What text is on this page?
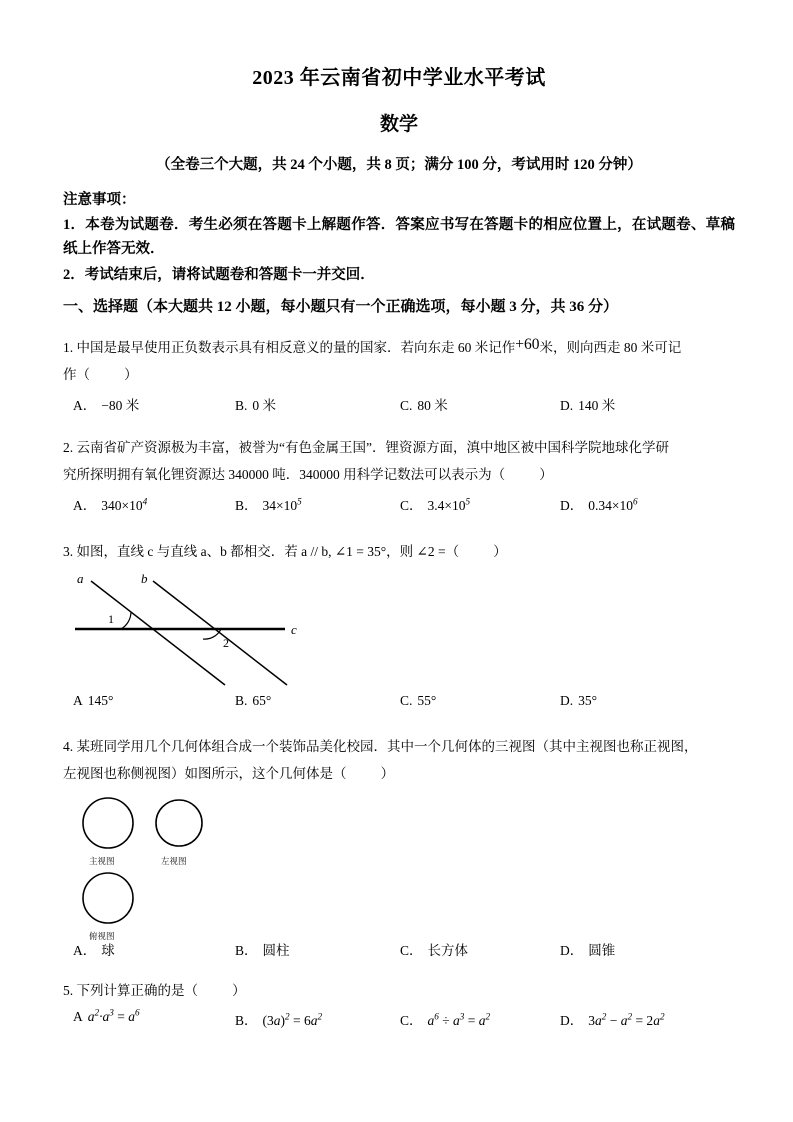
2023 年云南省初中学业水平考试
数学
（全卷三个大题，共 24 个小题，共 8 页；满分 100 分，考试用时 120 分钟）
注意事项：
1．本卷为试题卷．考生必须在答题卡上解题作答．答案应书写在答题卡的相应位置上，在试题卷、草稿纸上作答无效．
2．考试结束后，请将试题卷和答题卡一并交回．
一、选择题（本大题共 12 小题，每小题只有一个正确选项，每小题 3 分，共 36 分）
1. 中国是最早使用正负数表示具有相反意义的量的国家．若向东走 60 米记作+60米，则向西走 80 米可记
作（	）
A． −80 米	B. 0 米	C. 80 米	D. 140 米
2. 云南省矿产资源极为丰富，被誉为“有色金属王国”．锂资源方面，滇中地区被中国科学院地球化学研
究所探明拥有氧化锂资源达 340000 吨．340000 用科学记数法可以表示为（	）
A． $340\times 10^4$	B． $34\times 10^5$	C． $3.4\times 10^5$	D． $0.34\times 10^6$
3. 如图，直线 c 与直线 a、b 都相交．若 a // b, ∠1 = 35°，则 ∠2 =（	）
a	b
c
1
2
A 145°	B. 65°	C. 55°	D. 35°
4. 某班同学用几个几何体组合成一个装饰品美化校园．其中一个几何体的三视图（其中主视图也称正视图，
左视图也称侧视图）如图所示，这个几何体是（	）
主视图	左视图
俯视图
A． 球	B． 圆柱	C． 长方体	D． 圆锥
5. 下列计算正确的是（	）
A $a^2\cdot a^3 = a^6$
B． $(3a)^2 = 6a^2$	C． $a^6 \div a^3 = a^2$	D． $3a^2 - a^2 = 2a^2$
